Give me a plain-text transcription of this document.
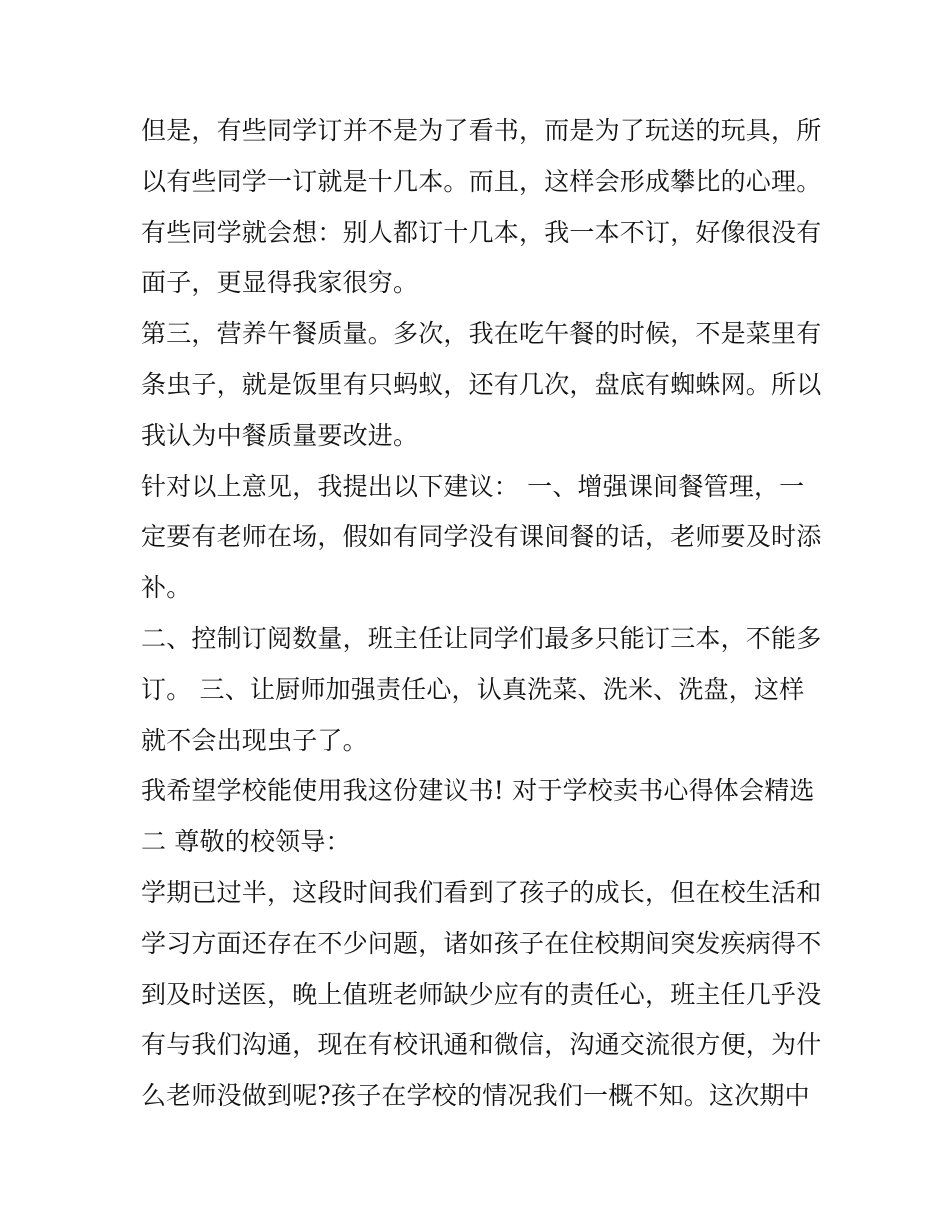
但是，有些同学订并不是为了看书，而是为了玩送的玩具，所
以有些同学一订就是十几本。而且，这样会形成攀比的心理。
有些同学就会想：别人都订十几本，我一本不订，好像很没有
面子，更显得我家很穷。
第三，营养午餐质量。多次，我在吃午餐的时候，不是菜里有
条虫子，就是饭里有只蚂蚁，还有几次，盘底有蜘蛛网。所以
我认为中餐质量要改进。
针对以上意见，我提出以下建议： 一、增强课间餐管理，一
定要有老师在场，假如有同学没有课间餐的话，老师要及时添
补。
二、控制订阅数量，班主任让同学们最多只能订三本，不能多
订。 三、让厨师加强责任心，认真洗菜、洗米、洗盘，这样
就不会出现虫子了。
我希望学校能使用我这份建议书! 对于学校卖书心得体会精选
二 尊敬的校领导：
学期已过半，这段时间我们看到了孩子的成长，但在校生活和
学习方面还存在不少问题，诸如孩子在住校期间突发疾病得不
到及时送医，晚上值班老师缺少应有的责任心，班主任几乎没
有与我们沟通，现在有校讯通和微信，沟通交流很方便，为什
么老师没做到呢?孩子在学校的情况我们一概不知。这次期中
